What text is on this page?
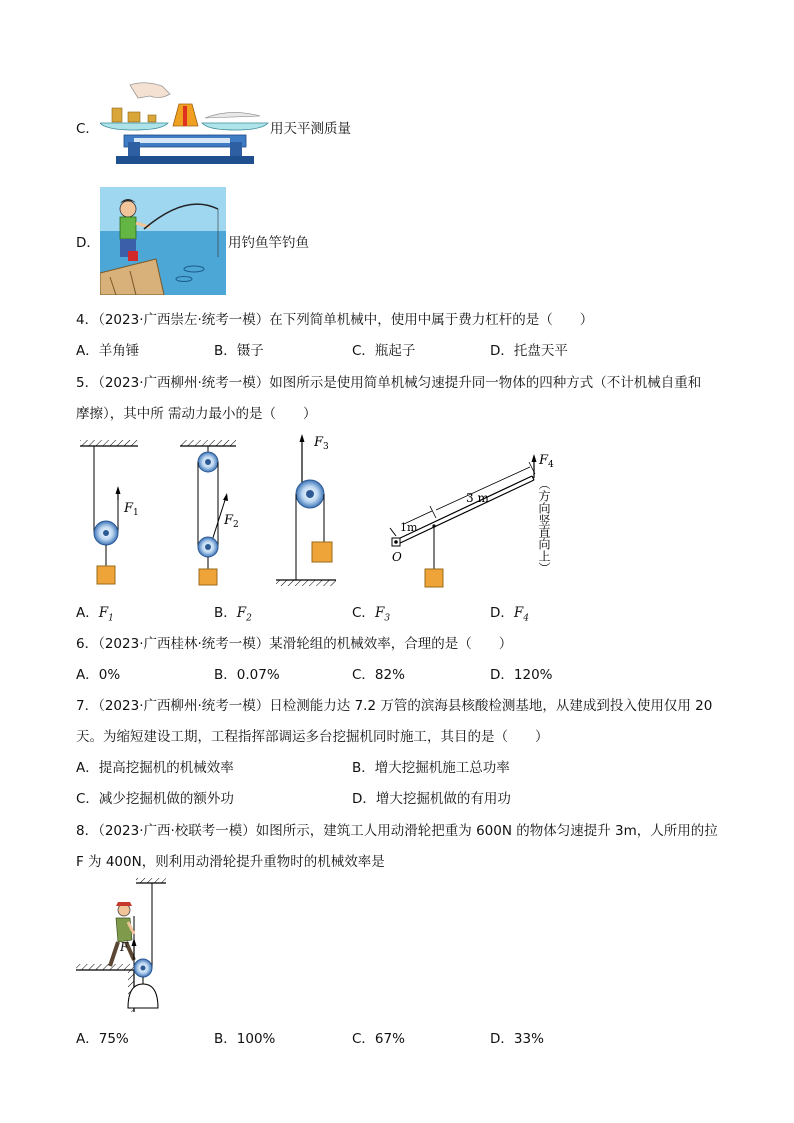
C．	用天平测质量
D．	用钓鱼竿钓鱼
4．（2023·广西崇左·统考一模）在下列简单机械中，使用中属于费力杠杆的是（　　）
A．羊角锤	B．镊子	C．瓶起子	D．托盘天平
5．（2023·广西柳州·统考一模）如图所示是使用简单机械匀速提升同一物体的四种方式（不计机械自重和
摩擦），其中所 需动力最小的是（　　）
$F_1$	$F_2$
$F_3$
3 m
1m
O
$F_4$
（方向竖直向上）
A．$F_1$	B．$F_2$	C．$F_3$	D．$F_4$
6．（2023·广西桂林·统考一模）某滑轮组的机械效率，合理的是（　　）
A．0%	B．0.07%	C．82%	D．120%
7．（2023·广西柳州·统考一模）日检测能力达 7.2 万管的滨海县核酸检测基地，从建成到投入使用仅用 20
天。为缩短建设工期，工程指挥部调运多台挖掘机同时施工，其目的是（　　）
A．提高挖掘机的机械效率	B．增大挖掘机施工总功率
C．减少挖掘机做的额外功	D．增大挖掘机做的有用功
8．（2023·广西·校联考一模）如图所示，建筑工人用动滑轮把重为 600N 的物体匀速提升 3m，人所用的拉
F 为 400N，则利用动滑轮提升重物时的机械效率是
F
A．75%	B．100%	C．67%	D．33%
